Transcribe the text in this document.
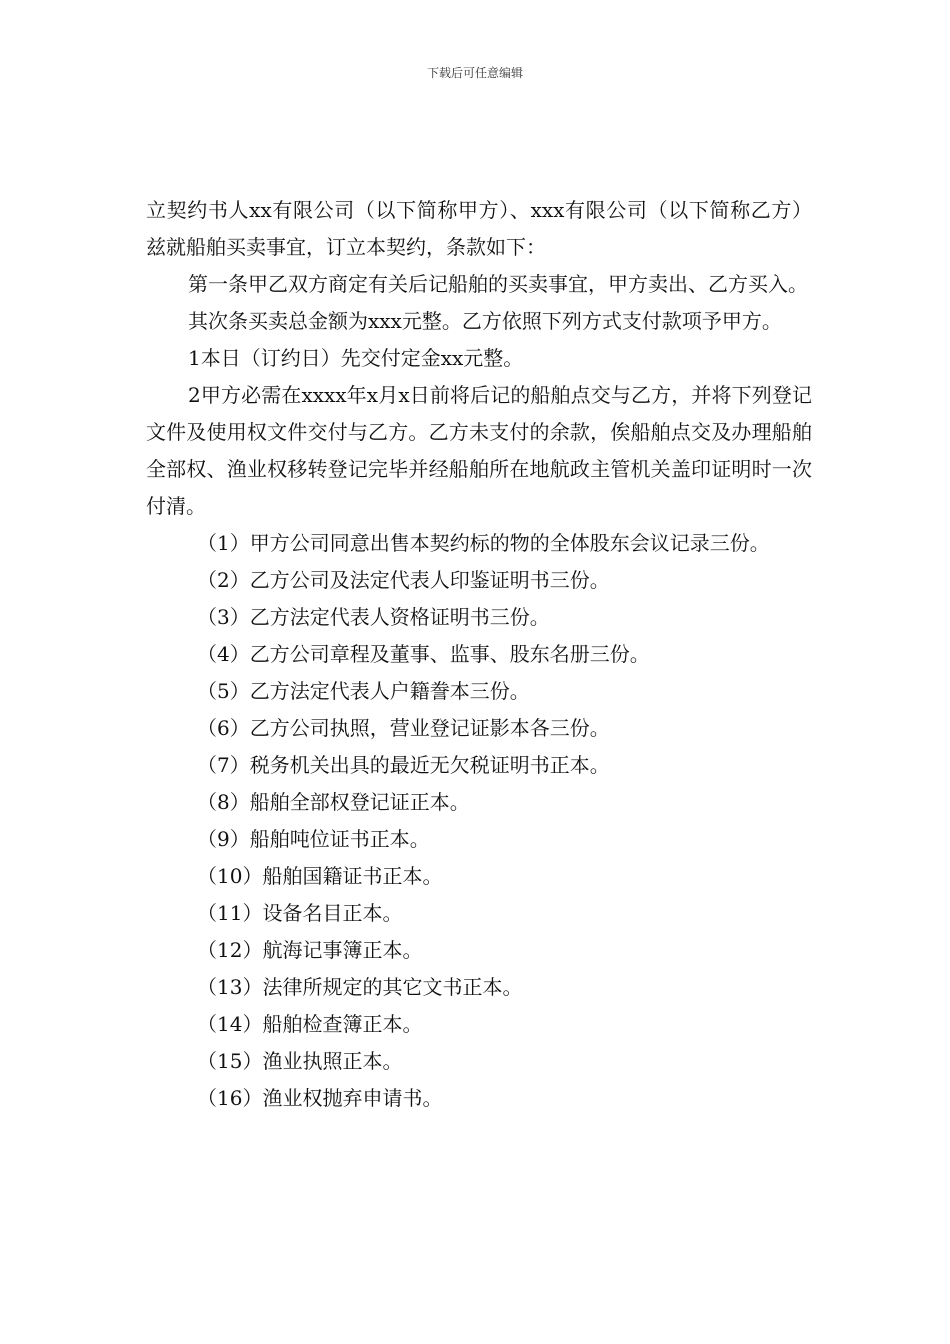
下载后可任意编辑

立契约书人xx有限公司（以下简称甲方）、xxx有限公司（以下简称乙方）兹就船舶买卖事宜，订立本契约，条款如下：

第一条甲乙双方商定有关后记船舶的买卖事宜，甲方卖出、乙方买入。

其次条买卖总金额为xxx元整。乙方依照下列方式支付款项予甲方。

1本日（订约日）先交付定金xx元整。

2甲方必需在xxxx年x月x日前将后记的船舶点交与乙方，并将下列登记文件及使用权文件交付与乙方。乙方未支付的余款，俟船舶点交及办理船舶全部权、渔业权移转登记完毕并经船舶所在地航政主管机关盖印证明时一次付清。

（1）甲方公司同意出售本契约标的物的全体股东会议记录三份。

（2）乙方公司及法定代表人印鉴证明书三份。

（3）乙方法定代表人资格证明书三份。

（4）乙方公司章程及董事、监事、股东名册三份。

（5）乙方法定代表人户籍誊本三份。

（6）乙方公司执照，营业登记证影本各三份。

（7）税务机关出具的最近无欠税证明书正本。

（8）船舶全部权登记证正本。

（9）船舶吨位证书正本。

（10）船舶国籍证书正本。

（11）设备名目正本。

（12）航海记事簿正本。

（13）法律所规定的其它文书正本。

（14）船舶检查簿正本。

（15）渔业执照正本。

（16）渔业权抛弃申请书。
